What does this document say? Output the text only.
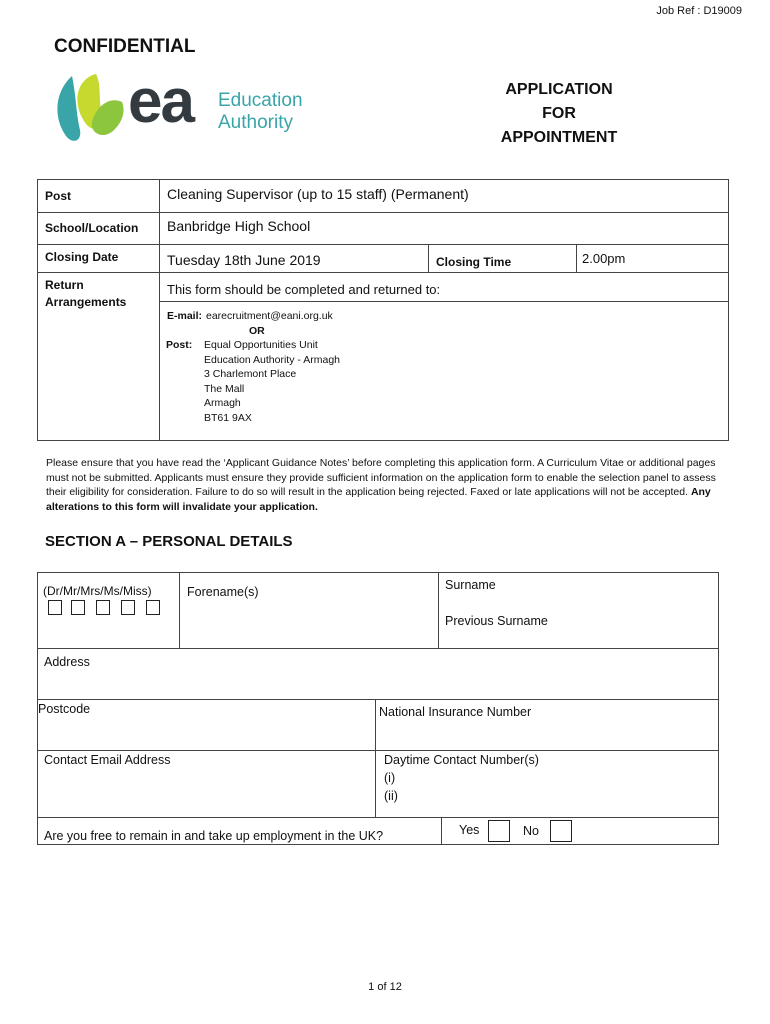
Job Ref : D19009
CONFIDENTIAL
ea Education
Authority
APPLICATION
FOR
APPOINTMENT
Post	Cleaning Supervisor (up to 15 staff) (Permanent)
School/Location Banbridge High School
Closing Date	Tuesday 18th June 2019	Closing Time	2.00pm
Return
Arrangements
This form should be completed and returned to:
E-mail: earecruitment@eani.org.uk
OR
Post: Equal Opportunities Unit
Education Authority - Armagh
3 Charlemont Place
The Mall
Armagh
BT61 9AX
Please ensure that you have read the ‘Applicant Guidance Notes’ before completing this application form. A Curriculum Vitae or additional pages must not be submitted. Applicants must ensure they provide sufficient information on the application form to enable the selection panel to assess their eligibility for consideration. Failure to do so will result in the application being rejected. Faxed or late applications will not be accepted. Any alterations to this form will invalidate your application.
SECTION A – PERSONAL DETAILS
(Dr/Mr/Mrs/Ms/Miss)	Forename(s)	Surname
Previous Surname
Address
Postcode	National Insurance Number
Contact Email Address	Daytime Contact Number(s)
(i)
(ii)
Are you free to remain in and take up employment in the UK?	Yes	No
1 of 12
